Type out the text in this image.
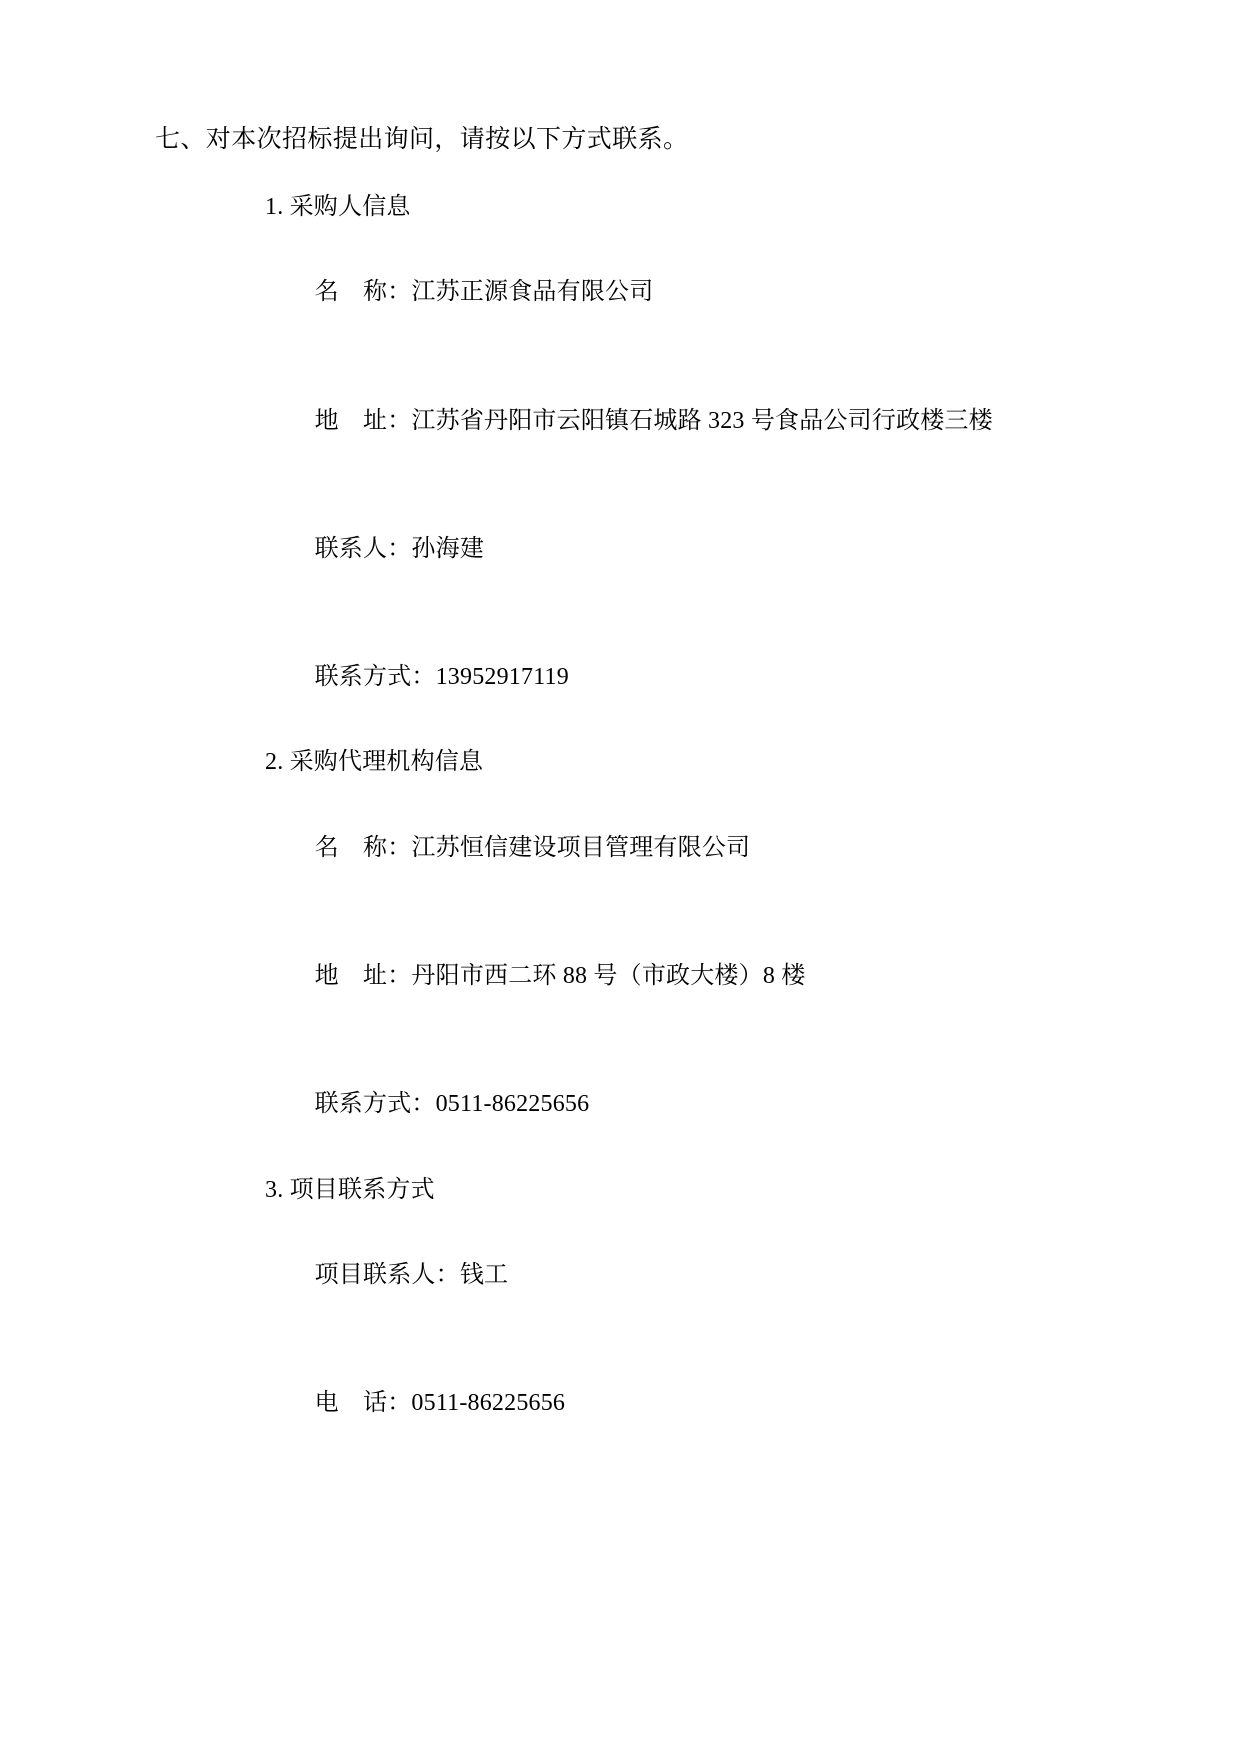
七、对本次招标提出询问，请按以下方式联系。
1. 采购人信息

名　称：江苏正源食品有限公司

地　址：江苏省丹阳市云阳镇石城路 323 号食品公司行政楼三楼

联系人：孙海建

联系方式：13952917119

2. 采购代理机构信息

名　称：江苏恒信建设项目管理有限公司

地　址：丹阳市西二环 88 号（市政大楼）8 楼

联系方式：0511-86225656

3. 项目联系方式

项目联系人：钱工

电　话：0511-86225656
